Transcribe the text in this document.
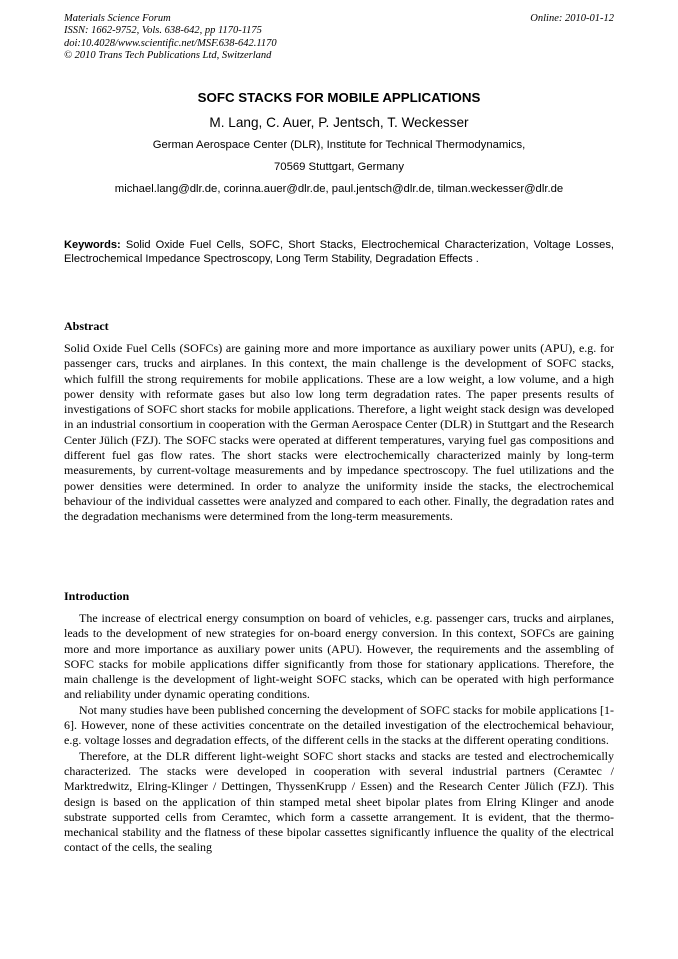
Materials Science Forum
ISSN: 1662-9752, Vols. 638-642, pp 1170-1175
doi:10.4028/www.scientific.net/MSF.638-642.1170
© 2010 Trans Tech Publications Ltd, Switzerland
Online: 2010-01-12
SOFC STACKS FOR MOBILE APPLICATIONS
M. Lang, C. Auer, P. Jentsch, T. Weckesser
German Aerospace Center (DLR), Institute for Technical Thermodynamics,
70569 Stuttgart, Germany
michael.lang@dlr.de, corinna.auer@dlr.de, paul.jentsch@dlr.de, tilman.weckesser@dlr.de
Keywords: Solid Oxide Fuel Cells, SOFC, Short Stacks, Electrochemical Characterization, Voltage Losses, Electrochemical Impedance Spectroscopy, Long Term Stability, Degradation Effects .
Abstract

Solid Oxide Fuel Cells (SOFCs) are gaining more and more importance as auxiliary power units (APU), e.g. for passenger cars, trucks and airplanes. In this context, the main challenge is the development of SOFC stacks, which fulfill the strong requirements for mobile applications. These are a low weight, a low volume, and a high power density with reformate gases but also low long term degradation rates. The paper presents results of investigations of SOFC short stacks for mobile applications. Therefore, a light weight stack design was developed in an industrial consortium in cooperation with the German Aerospace Center (DLR) in Stuttgart and the Research Center Jülich (FZJ). The SOFC stacks were operated at different temperatures, varying fuel gas compositions and different fuel gas flow rates. The short stacks were electrochemically characterized mainly by long-term measurements, by current-voltage measurements and by impedance spectroscopy. The fuel utilizations and the power densities were determined. In order to analyze the uniformity inside the stacks, the electrochemical behaviour of the individual cassettes were analyzed and compared to each other. Finally, the degradation rates and the degradation mechanisms were determined from the long-term measurements.

Introduction

The increase of electrical energy consumption on board of vehicles, e.g. passenger cars, trucks and airplanes, leads to the development of new strategies for on-board energy conversion. In this context, SOFCs are gaining more and more importance as auxiliary power units (APU). However, the requirements and the assembling of SOFC stacks for mobile applications differ significantly from those for stationary applications. Therefore, the main challenge is the development of light-weight SOFC stacks, which can be operated with high performance and reliability under dynamic operating conditions.

Not many studies have been published concerning the development of SOFC stacks for mobile applications [1-6]. However, none of these activities concentrate on the detailed investigation of the electrochemical behaviour, e.g. voltage losses and degradation effects, of the different cells in the stacks at the different operating conditions.

Therefore, at the DLR different light-weight SOFC short stacks and stacks are tested and electrochemically characterized. The stacks were developed in cooperation with several industrial partners (Cerамtec / Marktredwitz, Elring-Klinger / Dettingen, ThyssenKrupp / Essen) and the Research Center Jülich (FZJ). This design is based on the application of thin stamped metal sheet bipolar plates from Elring Klinger and anode substrate supported cells from Ceramtec, which form a cassette arrangement. It is evident, that the thermo-mechanical stability and the flatness of these bipolar cassettes significantly influence the quality of the electrical contact of the cells, the sealing
